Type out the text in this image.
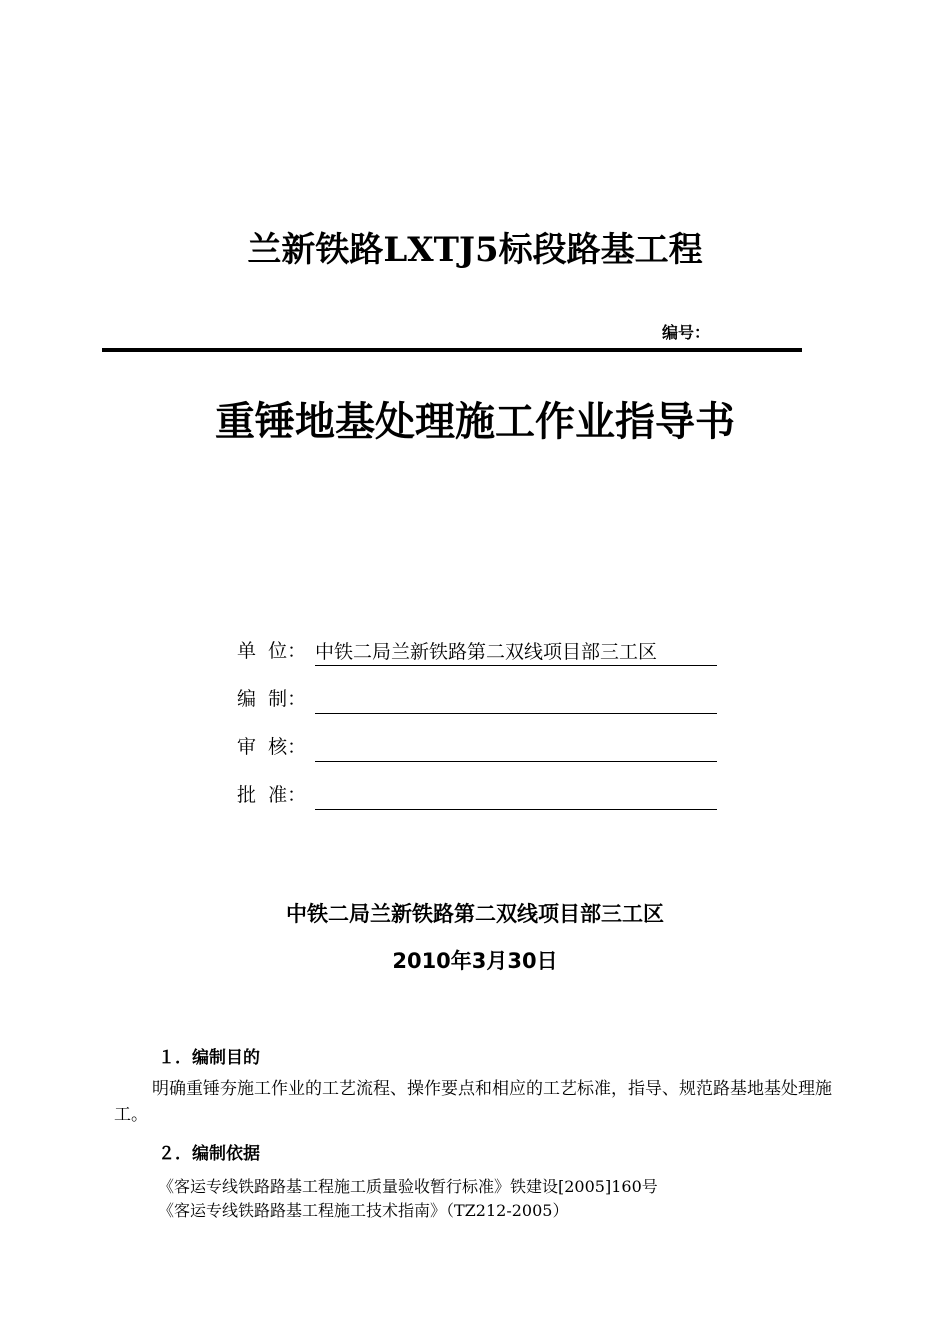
兰新铁路LXTJ5标段路基工程
编号：
重锤地基处理施工作业指导书
单  位： 中铁二局兰新铁路第二双线项目部三工区
编  制：
审  核：
批  准：
中铁二局兰新铁路第二双线项目部三工区
2010年3月30日
１．编制目的
明确重锤夯施工作业的工艺流程、操作要点和相应的工艺标准，指导、规范路基地基处理施工。
２．编制依据
《客运专线铁路路基工程施工质量验收暂行标准》铁建设[2005]160号
《客运专线铁路路基工程施工技术指南》（TZ212-2005）
